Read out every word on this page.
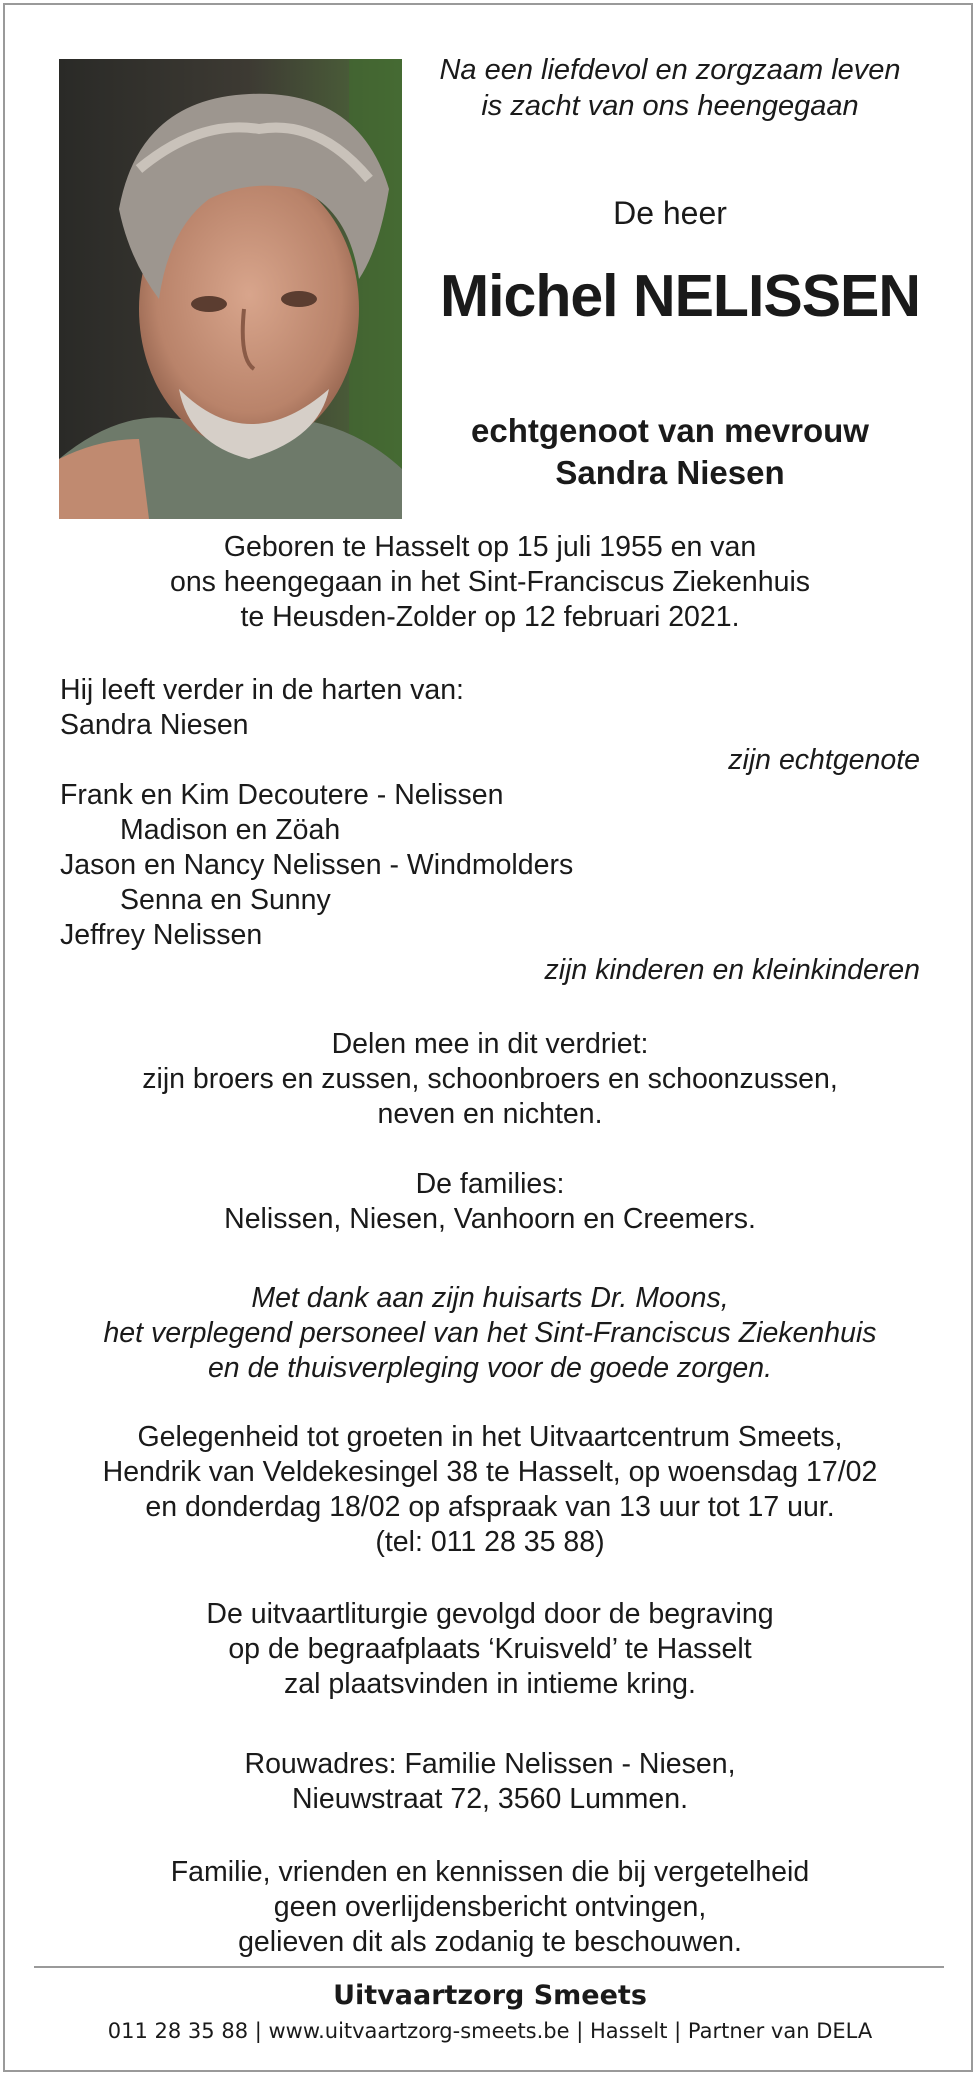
Na een liefdevol en zorgzaam leven
is zacht van ons heengegaan
De heer
Michel NELISSEN
echtgenoot van mevrouw
Sandra Niesen
Geboren te Hasselt op 15 juli 1955 en van
ons heengegaan in het Sint-Franciscus Ziekenhuis
te Heusden-Zolder op 12 februari 2021.
Hij leeft verder in de harten van:
Sandra Niesen
zijn echtgenote
Frank en Kim Decoutere - Nelissen
Madison en Zöah
Jason en Nancy Nelissen - Windmolders
Senna en Sunny
Jeffrey Nelissen
zijn kinderen en kleinkinderen
Delen mee in dit verdriet:
zijn broers en zussen, schoonbroers en schoonzussen,
neven en nichten.
De families:
Nelissen, Niesen, Vanhoorn en Creemers.
Met dank aan zijn huisarts Dr. Moons,
het verplegend personeel van het Sint-Franciscus Ziekenhuis
en de thuisverpleging voor de goede zorgen.
Gelegenheid tot groeten in het Uitvaartcentrum Smeets,
Hendrik van Veldekesingel 38 te Hasselt, op woensdag 17/02
en donderdag 18/02 op afspraak van 13 uur tot 17 uur.
(tel: 011 28 35 88)
De uitvaartliturgie gevolgd door de begraving
op de begraafplaats ‘Kruisveld’ te Hasselt
zal plaatsvinden in intieme kring.
Rouwadres: Familie Nelissen - Niesen,
Nieuwstraat 72, 3560 Lummen.
Familie, vrienden en kennissen die bij vergetelheid
geen overlijdensbericht ontvingen,
gelieven dit als zodanig te beschouwen.
Uitvaartzorg Smeets
011 28 35 88 | www.uitvaartzorg-smeets.be | Hasselt | Partner van DELA
